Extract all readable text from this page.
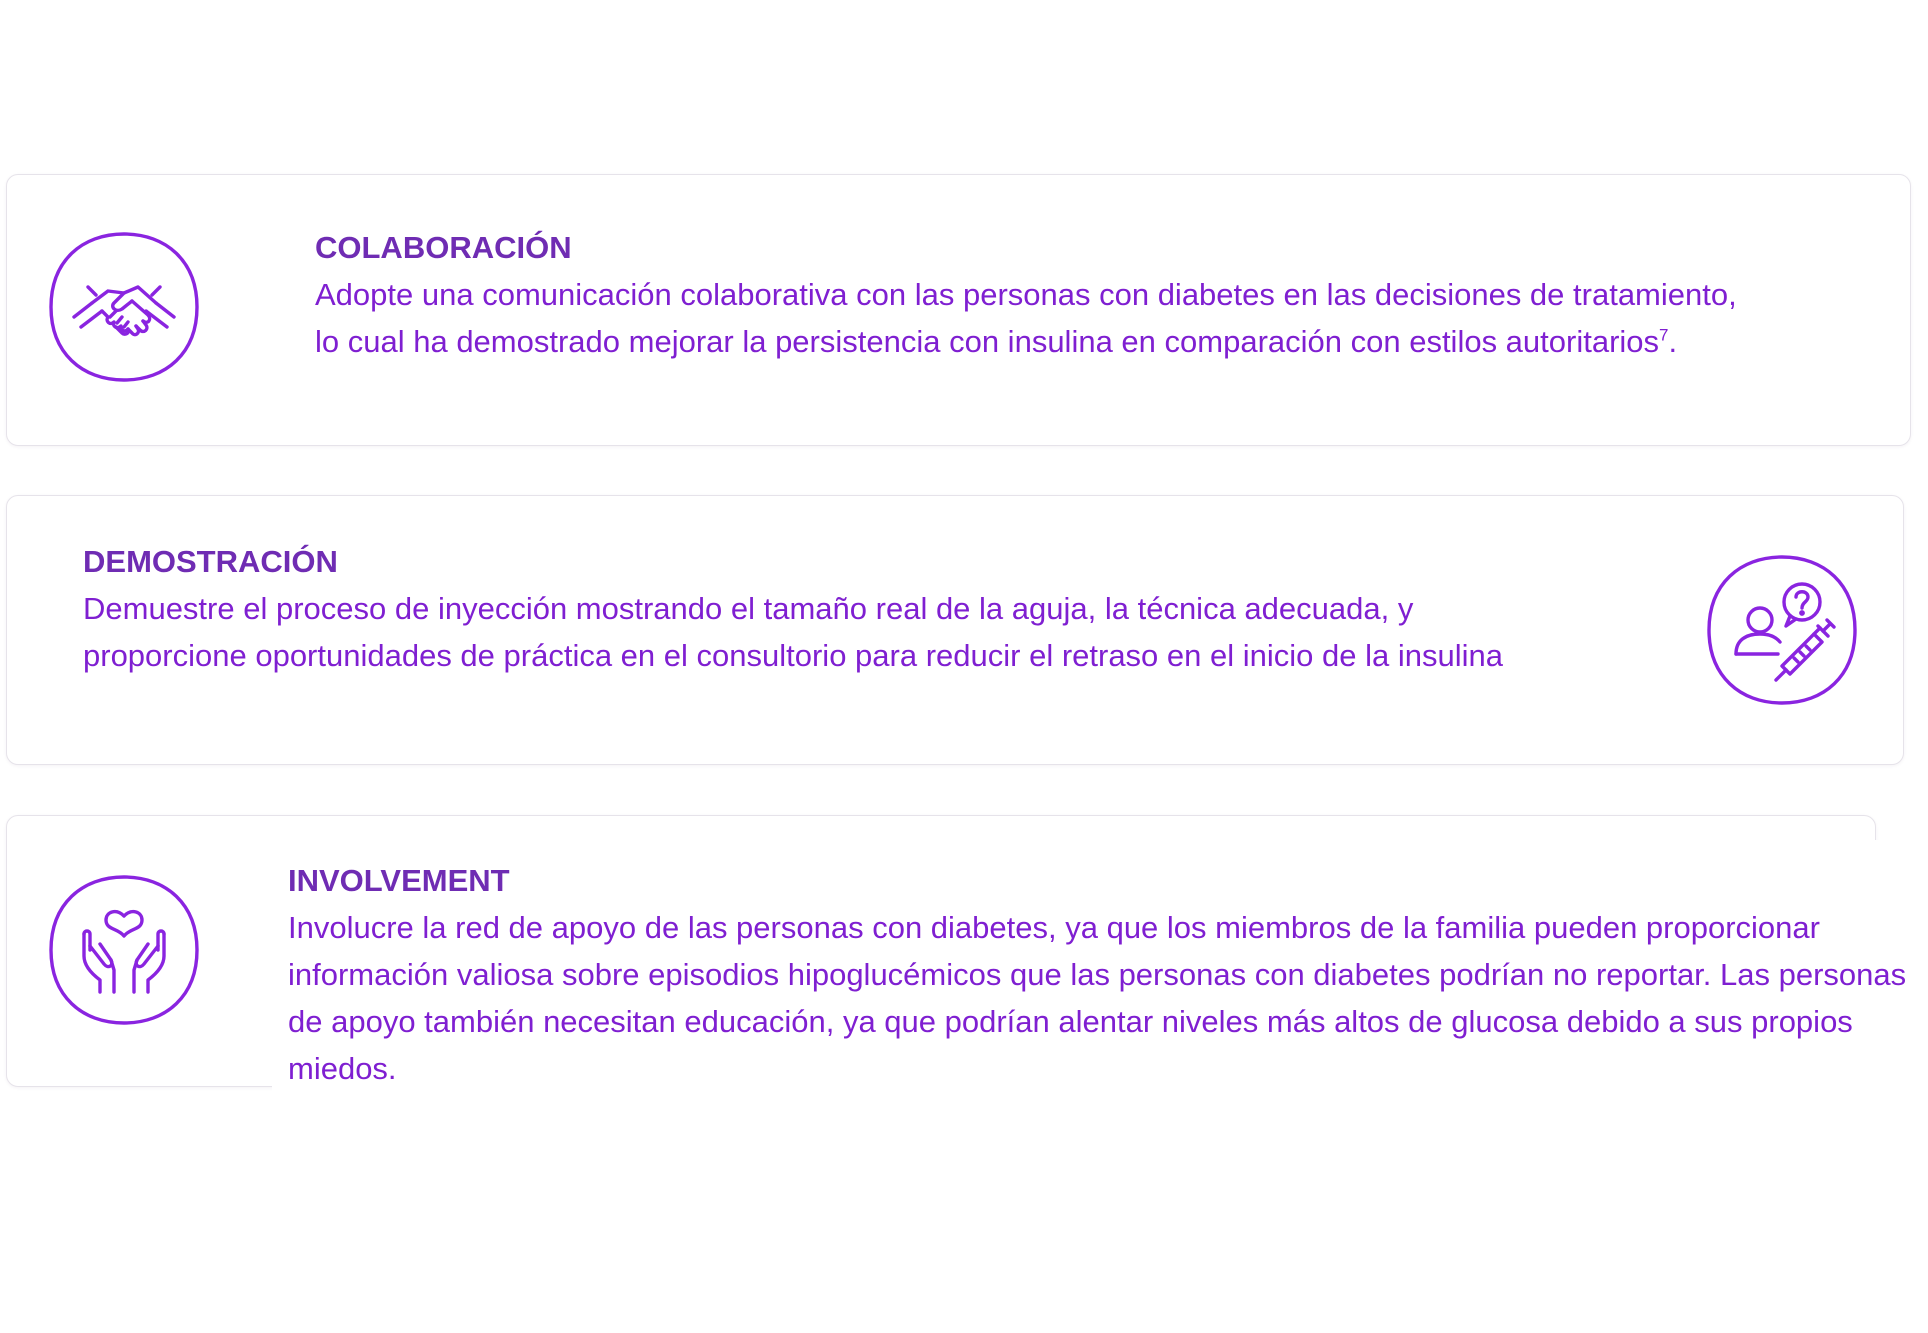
COLABORACIÓN
Adopte una comunicación colaborativa con las personas con diabetes en las decisiones de tratamiento, lo cual ha demostrado mejorar la persistencia con insulina en comparación con estilos autoritarios$^7$.
DEMOSTRACIÓN
Demuestre el proceso de inyección mostrando el tamaño real de la aguja, la técnica adecuada, y proporcione oportunidades de práctica en el consultorio para reducir el retraso en el inicio de la insulina
INVOLVEMENT
Involucre la red de apoyo de las personas con diabetes, ya que los miembros de la familia pueden proporcionar información valiosa sobre episodios hipoglucémicos que las personas con diabetes podrían no reportar. Las personas de apoyo también necesitan educación, ya que podrían alentar niveles más altos de glucosa debido a sus propios miedos.
